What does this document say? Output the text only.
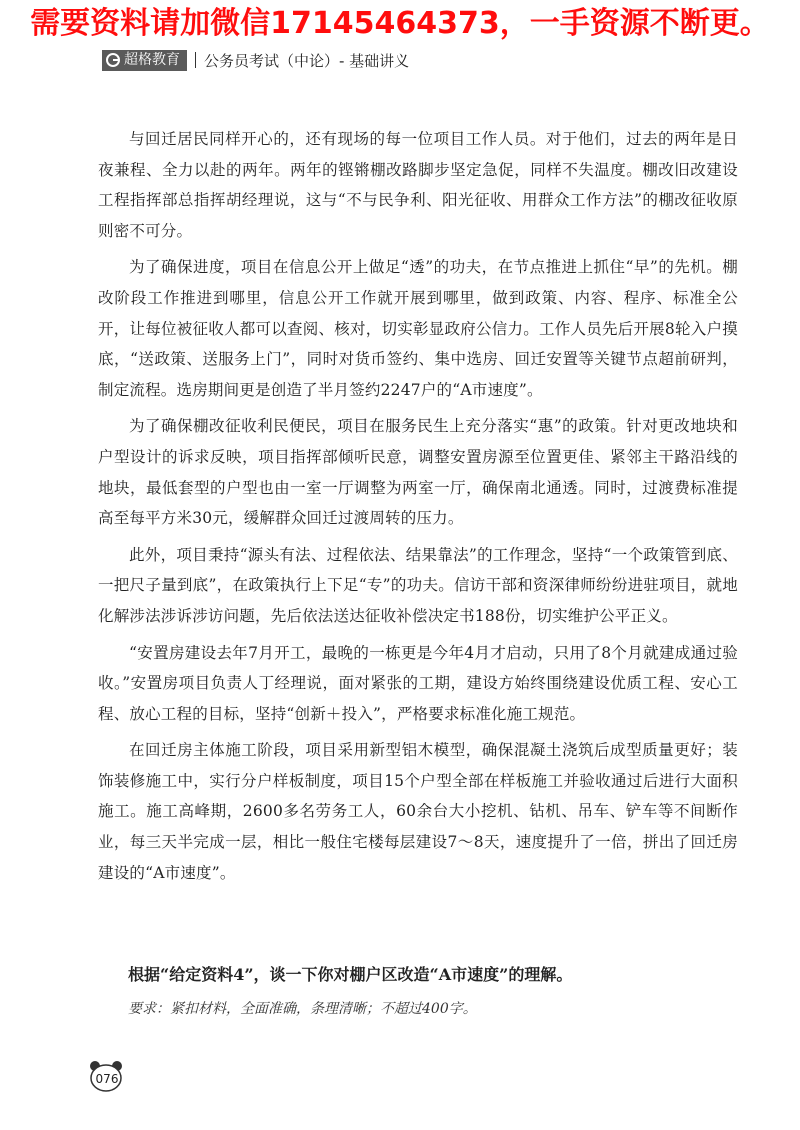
需要资料请加微信17145464373，一手资源不断更。
超格教育 公务员考试（中论）- 基础讲义

与回迁居民同样开心的，还有现场的每一位项目工作人员。对于他们，过去的两年是日夜兼程、全力以赴的两年。两年的铿锵棚改路脚步坚定急促，同样不失温度。棚改旧改建设工程指挥部总指挥胡经理说，这与“不与民争利、阳光征收、用群众工作方法”的棚改征收原则密不可分。

为了确保进度，项目在信息公开上做足“透”的功夫，在节点推进上抓住“早”的先机。棚改阶段工作推进到哪里，信息公开工作就开展到哪里，做到政策、内容、程序、标准全公开，让每位被征收人都可以查阅、核对，切实彰显政府公信力。工作人员先后开展8轮入户摸底，“送政策、送服务上门”，同时对货币签约、集中选房、回迁安置等关键节点超前研判，制定流程。选房期间更是创造了半月签约2247户的“A市速度”。

为了确保棚改征收利民便民，项目在服务民生上充分落实“惠”的政策。针对更改地块和户型设计的诉求反映，项目指挥部倾听民意，调整安置房源至位置更佳、紧邻主干路沿线的地块，最低套型的户型也由一室一厅调整为两室一厅，确保南北通透。同时，过渡费标准提高至每平方米30元，缓解群众回迁过渡周转的压力。

此外，项目秉持“源头有法、过程依法、结果靠法”的工作理念，坚持“一个政策管到底、一把尺子量到底”，在政策执行上下足“专”的功夫。信访干部和资深律师纷纷进驻项目，就地化解涉法涉诉涉访问题，先后依法送达征收补偿决定书188份，切实维护公平正义。

“安置房建设去年7月开工，最晚的一栋更是今年4月才启动，只用了8个月就建成通过验收。”安置房项目负责人丁经理说，面对紧张的工期，建设方始终围绕建设优质工程、安心工程、放心工程的目标，坚持“创新＋投入”，严格要求标准化施工规范。

在回迁房主体施工阶段，项目采用新型铝木模型，确保混凝土浇筑后成型质量更好；装饰装修施工中，实行分户样板制度，项目15个户型全部在样板施工并验收通过后进行大面积施工。施工高峰期，2600多名劳务工人，60余台大小挖机、钻机、吊车、铲车等不间断作业，每三天半完成一层，相比一般住宅楼每层建设7～8天，速度提升了一倍，拼出了回迁房建设的“A市速度”。

根据“给定资料4”，谈一下你对棚户区改造“A市速度”的理解。
要求：紧扣材料，全面准确，条理清晰；不超过400字。
076
